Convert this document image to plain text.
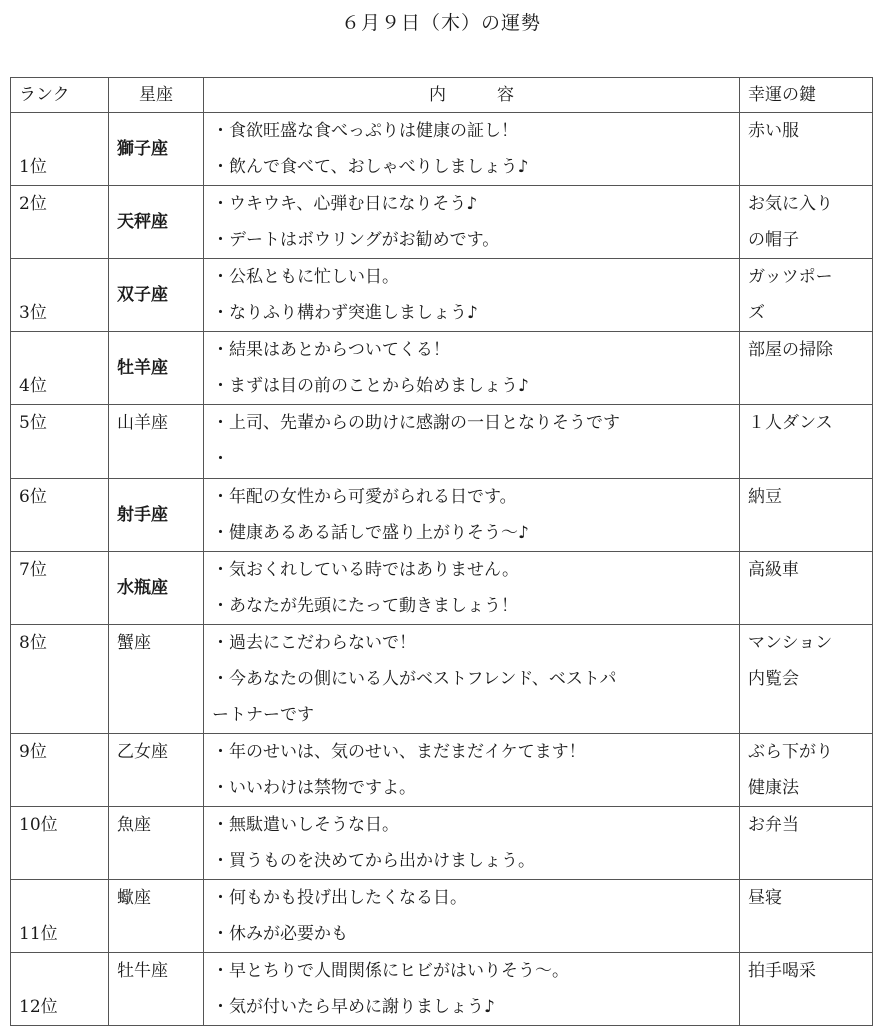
６月９日（木）の運勢
ランク	星座	内　　　容	幸運の鍵

1位	獅子座	・食欲旺盛な食べっぷりは健康の証し！
・飲んで食べて、おしゃべりしましょう♪	赤い服

2位	天秤座	・ウキウキ、心弾む日になりそう♪
・デートはボウリングがお勧めです。	お気に入り
の帽子

3位	双子座	・公私ともに忙しい日。
・なりふり構わず突進しましょう♪	ガッツポー
ズ

4位	牡羊座	・結果はあとからついてくる！
・まずは目の前のことから始めましょう♪	部屋の掃除

5位	山羊座	・上司、先輩からの助けに感謝の一日となりそうです
・	１人ダンス

6位	射手座	・年配の女性から可愛がられる日です。
・健康あるある話しで盛り上がりそう～♪	納豆

7位	水瓶座	・気おくれしている時ではありません。
・あなたが先頭にたって動きましょう！	高級車

8位	蟹座	・過去にこだわらないで！
・今あなたの側にいる人がベストフレンド、ベストパ
ートナーです	マンション
内覧会

9位	乙女座	・年のせいは、気のせい、まだまだイケてます！
・いいわけは禁物ですよ。	ぶら下がり
健康法

10位	魚座	・無駄遣いしそうな日。
・買うものを決めてから出かけましょう。	お弁当

11位	蠍座	・何もかも投げ出したくなる日。
・休みが必要かも	昼寝

12位	牡牛座	・早とちりで人間関係にヒビがはいりそう～。
・気が付いたら早めに謝りましょう♪	拍手喝采
